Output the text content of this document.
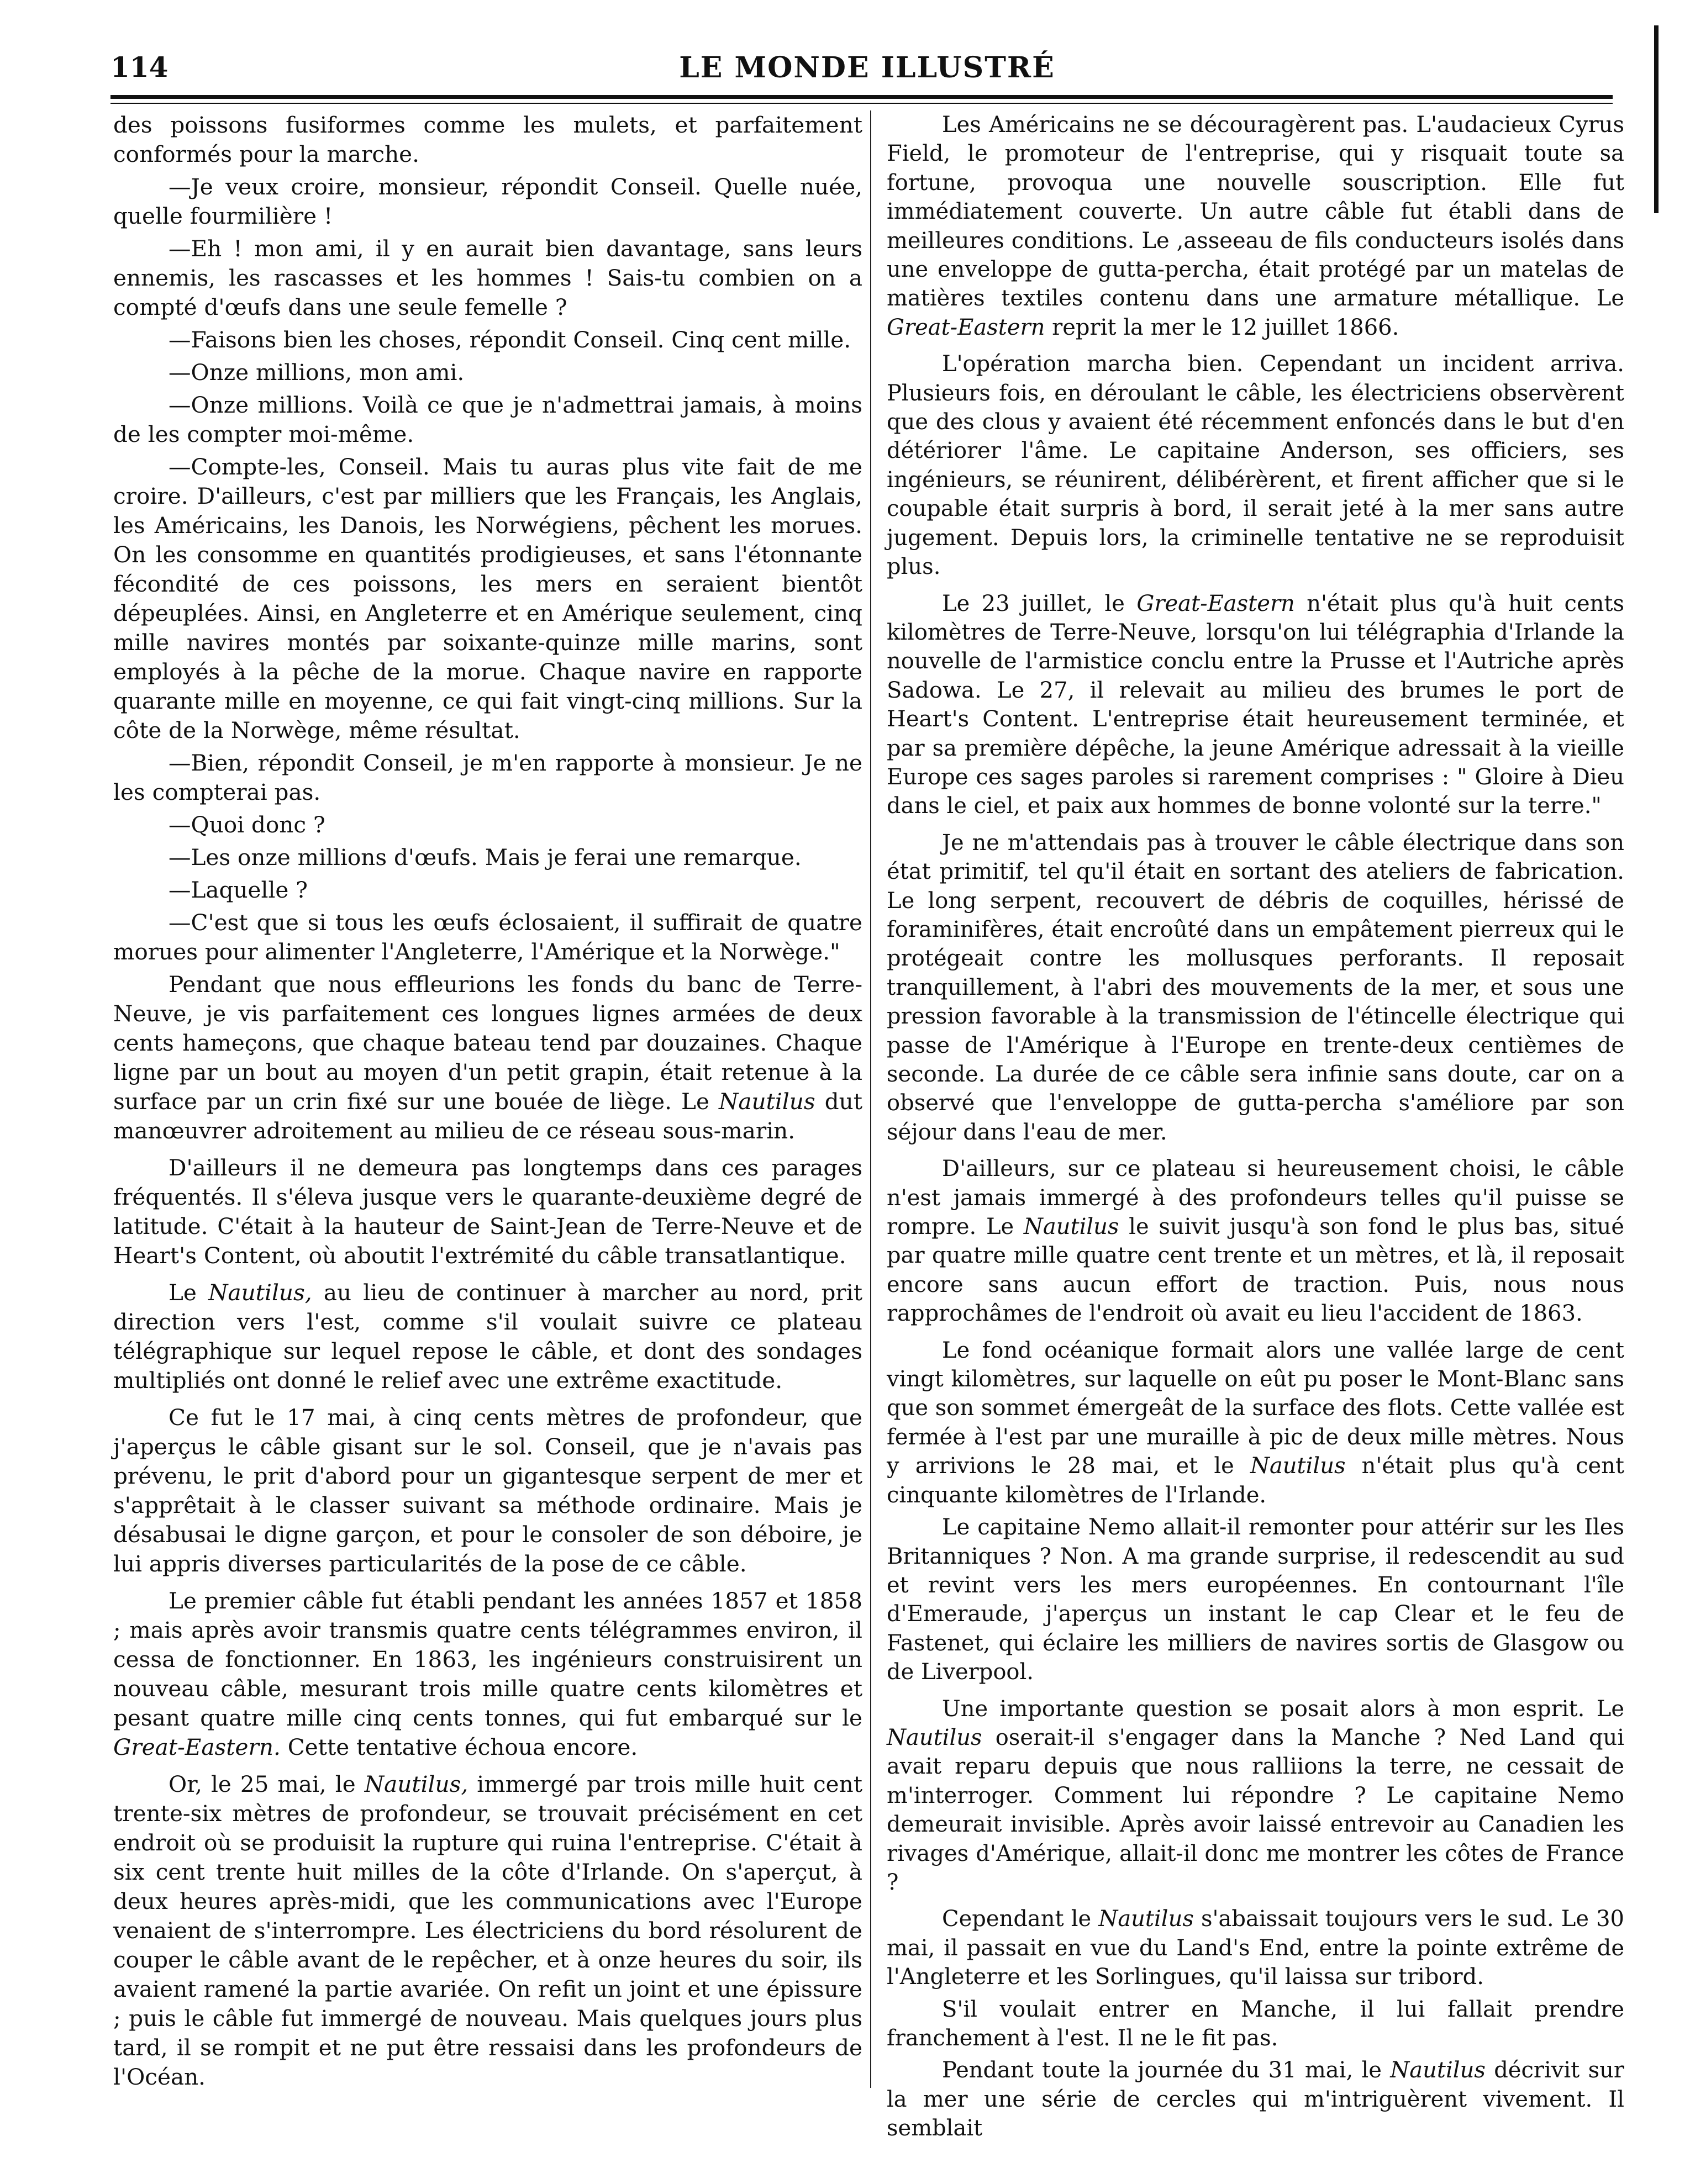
114	LE MONDE ILLUSTRÉ

des poissons fusiformes comme les mulets, et parfaitement conformés pour la marche.

—Je veux croire, monsieur, répondit Conseil. Quelle nuée, quelle fourmilière !

—Eh ! mon ami, il y en aurait bien davantage, sans leurs ennemis, les rascasses et les hommes ! Sais-tu combien on a compté d'œufs dans une seule femelle ?

—Faisons bien les choses, répondit Conseil. Cinq cent mille.

—Onze millions, mon ami.

—Onze millions. Voilà ce que je n'admettrai jamais, à moins de les compter moi-même.

—Compte-les, Conseil. Mais tu auras plus vite fait de me croire. D'ailleurs, c'est par milliers que les Français, les Anglais, les Américains, les Danois, les Norwégiens, pêchent les morues. On les consomme en quantités prodigieuses, et sans l'étonnante fécondité de ces poissons, les mers en seraient bientôt dépeuplées. Ainsi, en Angleterre et en Amérique seulement, cinq mille navires montés par soixante-quinze mille marins, sont employés à la pêche de la morue. Chaque navire en rapporte quarante mille en moyenne, ce qui fait vingt-cinq millions. Sur la côte de la Norwège, même résultat.

—Bien, répondit Conseil, je m'en rapporte à monsieur. Je ne les compterai pas.

—Quoi donc ?

—Les onze millions d'œufs. Mais je ferai une remarque.

—Laquelle ?

—C'est que si tous les œufs éclosaient, il suffirait de quatre morues pour alimenter l'Angleterre, l'Amérique et la Norwège."

Pendant que nous effleurions les fonds du banc de Terre-Neuve, je vis parfaitement ces longues lignes armées de deux cents hameçons, que chaque bateau tend par douzaines. Chaque ligne par un bout au moyen d'un petit grapin, était retenue à la surface par un crin fixé sur une bouée de liège. Le Nautilus dut manœuvrer adroitement au milieu de ce réseau sous-marin.

D'ailleurs il ne demeura pas longtemps dans ces parages fréquentés. Il s'éleva jusque vers le quarante-deuxième degré de latitude. C'était à la hauteur de Saint-Jean de Terre-Neuve et de Heart's Content, où aboutit l'extrémité du câble transatlantique.

Le Nautilus, au lieu de continuer à marcher au nord, prit direction vers l'est, comme s'il voulait suivre ce plateau télégraphique sur lequel repose le câble, et dont des sondages multipliés ont donné le relief avec une extrême exactitude.

Ce fut le 17 mai, à cinq cents mètres de profondeur, que j'aperçus le câble gisant sur le sol. Conseil, que je n'avais pas prévenu, le prit d'abord pour un gigantesque serpent de mer et s'apprêtait à le classer suivant sa méthode ordinaire. Mais je désabusai le digne garçon, et pour le consoler de son déboire, je lui appris diverses particularités de la pose de ce câble.

Le premier câble fut établi pendant les années 1857 et 1858 ; mais après avoir transmis quatre cents télégrammes environ, il cessa de fonctionner. En 1863, les ingénieurs construisirent un nouveau câble, mesurant trois mille quatre cents kilomètres et pesant quatre mille cinq cents tonnes, qui fut embarqué sur le Great-Eastern. Cette tentative échoua encore.

Or, le 25 mai, le Nautilus, immergé par trois mille huit cent trente-six mètres de profondeur, se trouvait précisément en cet endroit où se produisit la rupture qui ruina l'entreprise. C'était à six cent trente huit milles de la côte d'Irlande. On s'aperçut, à deux heures après-midi, que les communications avec l'Europe venaient de s'interrompre. Les électriciens du bord résolurent de couper le câble avant de le repêcher, et à onze heures du soir, ils avaient ramené la partie avariée. On refit un joint et une épissure ; puis le câble fut immergé de nouveau. Mais quelques jours plus tard, il se rompit et ne put être ressaisi dans les profondeurs de l'Océan.

Les Américains ne se découragèrent pas. L'audacieux Cyrus Field, le promoteur de l'entreprise, qui y risquait toute sa fortune, provoqua une nouvelle souscription. Elle fut immédiatement couverte. Un autre câble fut établi dans de meilleures conditions. Le ,asseeau de fils conducteurs isolés dans une enveloppe de gutta-percha, était protégé par un matelas de matières textiles contenu dans une armature métallique. Le Great-Eastern reprit la mer le 12 juillet 1866.

L'opération marcha bien. Cependant un incident arriva. Plusieurs fois, en déroulant le câble, les électriciens observèrent que des clous y avaient été récemment enfoncés dans le but d'en détériorer l'âme. Le capitaine Anderson, ses officiers, ses ingénieurs, se réunirent, délibérèrent, et firent afficher que si le coupable était surpris à bord, il serait jeté à la mer sans autre jugement. Depuis lors, la criminelle tentative ne se reproduisit plus.

Le 23 juillet, le Great-Eastern n'était plus qu'à huit cents kilomètres de Terre-Neuve, lorsqu'on lui télégraphia d'Irlande la nouvelle de l'armistice conclu entre la Prusse et l'Autriche après Sadowa. Le 27, il relevait au milieu des brumes le port de Heart's Content. L'entreprise était heureusement terminée, et par sa première dépêche, la jeune Amérique adressait à la vieille Europe ces sages paroles si rarement comprises : " Gloire à Dieu dans le ciel, et paix aux hommes de bonne volonté sur la terre."

Je ne m'attendais pas à trouver le câble électrique dans son état primitif, tel qu'il était en sortant des ateliers de fabrication. Le long serpent, recouvert de débris de coquilles, hérissé de foraminifères, était encroûté dans un empâtement pierreux qui le protégeait contre les mollusques perforants. Il reposait tranquillement, à l'abri des mouvements de la mer, et sous une pression favorable à la transmission de l'étincelle électrique qui passe de l'Amérique à l'Europe en trente-deux centièmes de seconde. La durée de ce câble sera infinie sans doute, car on a observé que l'enveloppe de gutta-percha s'améliore par son séjour dans l'eau de mer.

D'ailleurs, sur ce plateau si heureusement choisi, le câble n'est jamais immergé à des profondeurs telles qu'il puisse se rompre. Le Nautilus le suivit jusqu'à son fond le plus bas, situé par quatre mille quatre cent trente et un mètres, et là, il reposait encore sans aucun effort de traction. Puis, nous nous rapprochâmes de l'endroit où avait eu lieu l'accident de 1863.

Le fond océanique formait alors une vallée large de cent vingt kilomètres, sur laquelle on eût pu poser le Mont-Blanc sans que son sommet émergeât de la surface des flots. Cette vallée est fermée à l'est par une muraille à pic de deux mille mètres. Nous y arrivions le 28 mai, et le Nautilus n'était plus qu'à cent cinquante kilomètres de l'Irlande.

Le capitaine Nemo allait-il remonter pour attérir sur les Iles Britanniques ? Non. A ma grande surprise, il redescendit au sud et revint vers les mers européennes. En contournant l'île d'Emeraude, j'aperçus un instant le cap Clear et le feu de Fastenet, qui éclaire les milliers de navires sortis de Glasgow ou de Liverpool.

Une importante question se posait alors à mon esprit. Le Nautilus oserait-il s'engager dans la Manche ? Ned Land qui avait reparu depuis que nous ralliions la terre, ne cessait de m'interroger. Comment lui répondre ? Le capitaine Nemo demeurait invisible. Après avoir laissé entrevoir au Canadien les rivages d'Amérique, allait-il donc me montrer les côtes de France ?

Cependant le Nautilus s'abaissait toujours vers le sud. Le 30 mai, il passait en vue du Land's End, entre la pointe extrême de l'Angleterre et les Sorlingues, qu'il laissa sur tribord.

S'il voulait entrer en Manche, il lui fallait prendre franchement à l'est. Il ne le fit pas.

Pendant toute la journée du 31 mai, le Nautilus décrivit sur la mer une série de cercles qui m'intriguèrent vivement. Il semblait
